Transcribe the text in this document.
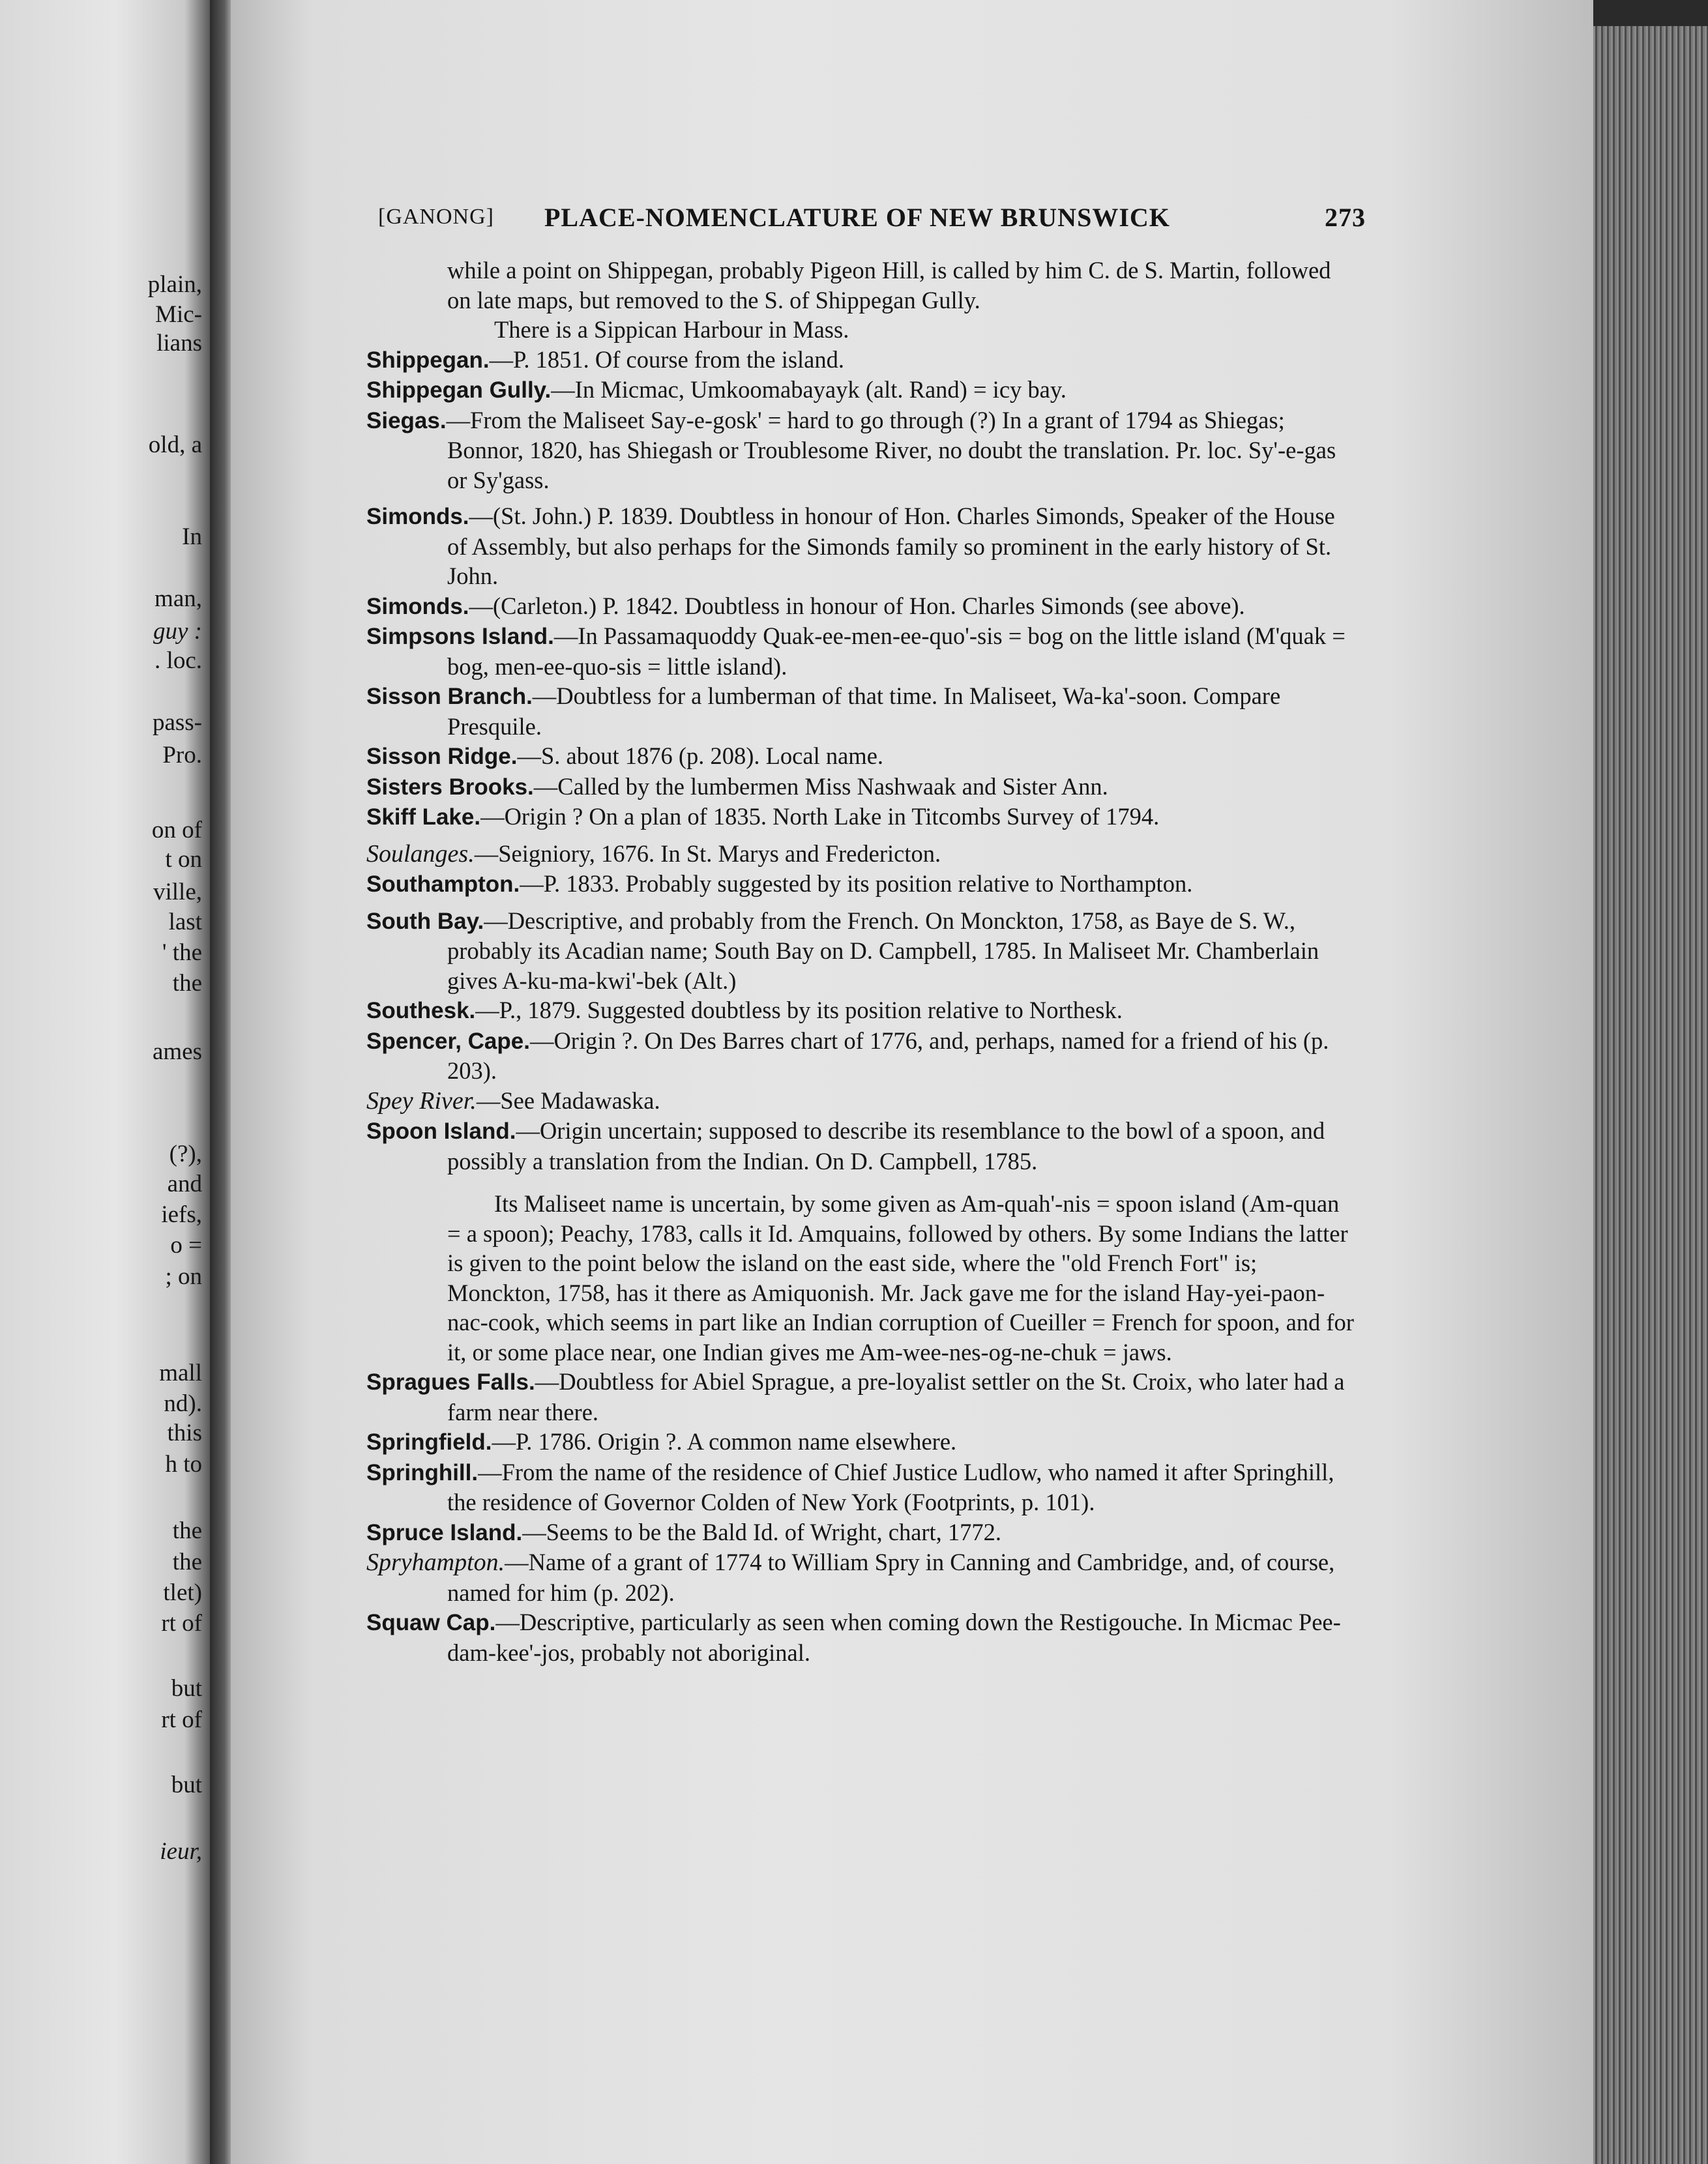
plain,

Mic-

lians

old, a

In

man,

guy :

. loc.

pass-

Pro.

on of

t on

ville,

last

' the

the

ames

(?),

and

iefs,

o =

; on

mall

nd).

this

h to

the

the

tlet)

rt of

but

rt of

but

ieur,

[GANONG] PLACE-NOMENCLATURE OF NEW BRUNSWICK	273

while a point on Shippegan, probably Pigeon Hill, is called by him C. de S. Martin, followed on late maps, but removed to the S. of Shippegan Gully.

There is a Sippican Harbour in Mass.

Shippegan.—P. 1851. Of course from the island.

Shippegan Gully.—In Micmac, Umkoomabayayk (alt. Rand) = icy bay.

Siegas.—From the Maliseet Say-e-gosk' = hard to go through (?) In a grant of 1794 as Shiegas; Bonnor, 1820, has Shiegash or Troublesome River, no doubt the translation. Pr. loc. Sy'-e-gas or Sy'gass.

Simonds.—(St. John.) P. 1839. Doubtless in honour of Hon. Charles Simonds, Speaker of the House of Assembly, but also perhaps for the Simonds family so prominent in the early history of St. John.

Simonds.—(Carleton.) P. 1842. Doubtless in honour of Hon. Charles Simonds (see above).

Simpsons Island.—In Passamaquoddy Quak-ee-men-ee-quo'-sis = bog on the little island (M'quak = bog, men-ee-quo-sis = little island).

Sisson Branch.—Doubtless for a lumberman of that time. In Maliseet, Wa-ka'-soon. Compare Presquile.

Sisson Ridge.—S. about 1876 (p. 208). Local name.

Sisters Brooks.—Called by the lumbermen Miss Nashwaak and Sister Ann.

Skiff Lake.—Origin ? On a plan of 1835. North Lake in Titcombs Survey of 1794.

Soulanges.—Seigniory, 1676. In St. Marys and Fredericton.

Southampton.—P. 1833. Probably suggested by its position relative to Northampton.

South Bay.—Descriptive, and probably from the French. On Monckton, 1758, as Baye de S. W., probably its Acadian name; South Bay on D. Campbell, 1785. In Maliseet Mr. Chamberlain gives A-ku-ma-kwi'-bek (Alt.)

Southesk.—P., 1879. Suggested doubtless by its position relative to Northesk.

Spencer, Cape.—Origin ?. On Des Barres chart of 1776, and, perhaps, named for a friend of his (p. 203).

Spey River.—See Madawaska.

Spoon Island.—Origin uncertain; supposed to describe its resemblance to the bowl of a spoon, and possibly a translation from the Indian. On D. Campbell, 1785.

Its Maliseet name is uncertain, by some given as Am-quah'-nis = spoon island (Am-quan = a spoon); Peachy, 1783, calls it Id. Amquains, followed by others. By some Indians the latter is given to the point below the island on the east side, where the "old French Fort" is; Monckton, 1758, has it there as Amiquonish. Mr. Jack gave me for the island Hay-yei-paon-nac-cook, which seems in part like an Indian corruption of Cueiller = French for spoon, and for it, or some place near, one Indian gives me Am-wee-nes-og-ne-chuk = jaws.

Spragues Falls.—Doubtless for Abiel Sprague, a pre-loyalist settler on the St. Croix, who later had a farm near there.

Springfield.—P. 1786. Origin ?. A common name elsewhere.

Springhill.—From the name of the residence of Chief Justice Ludlow, who named it after Springhill, the residence of Governor Colden of New York (Footprints, p. 101).

Spruce Island.—Seems to be the Bald Id. of Wright, chart, 1772.

Spryhampton.—Name of a grant of 1774 to William Spry in Canning and Cambridge, and, of course, named for him (p. 202).

Squaw Cap.—Descriptive, particularly as seen when coming down the Restigouche. In Micmac Pee-dam-kee'-jos, probably not aboriginal.
